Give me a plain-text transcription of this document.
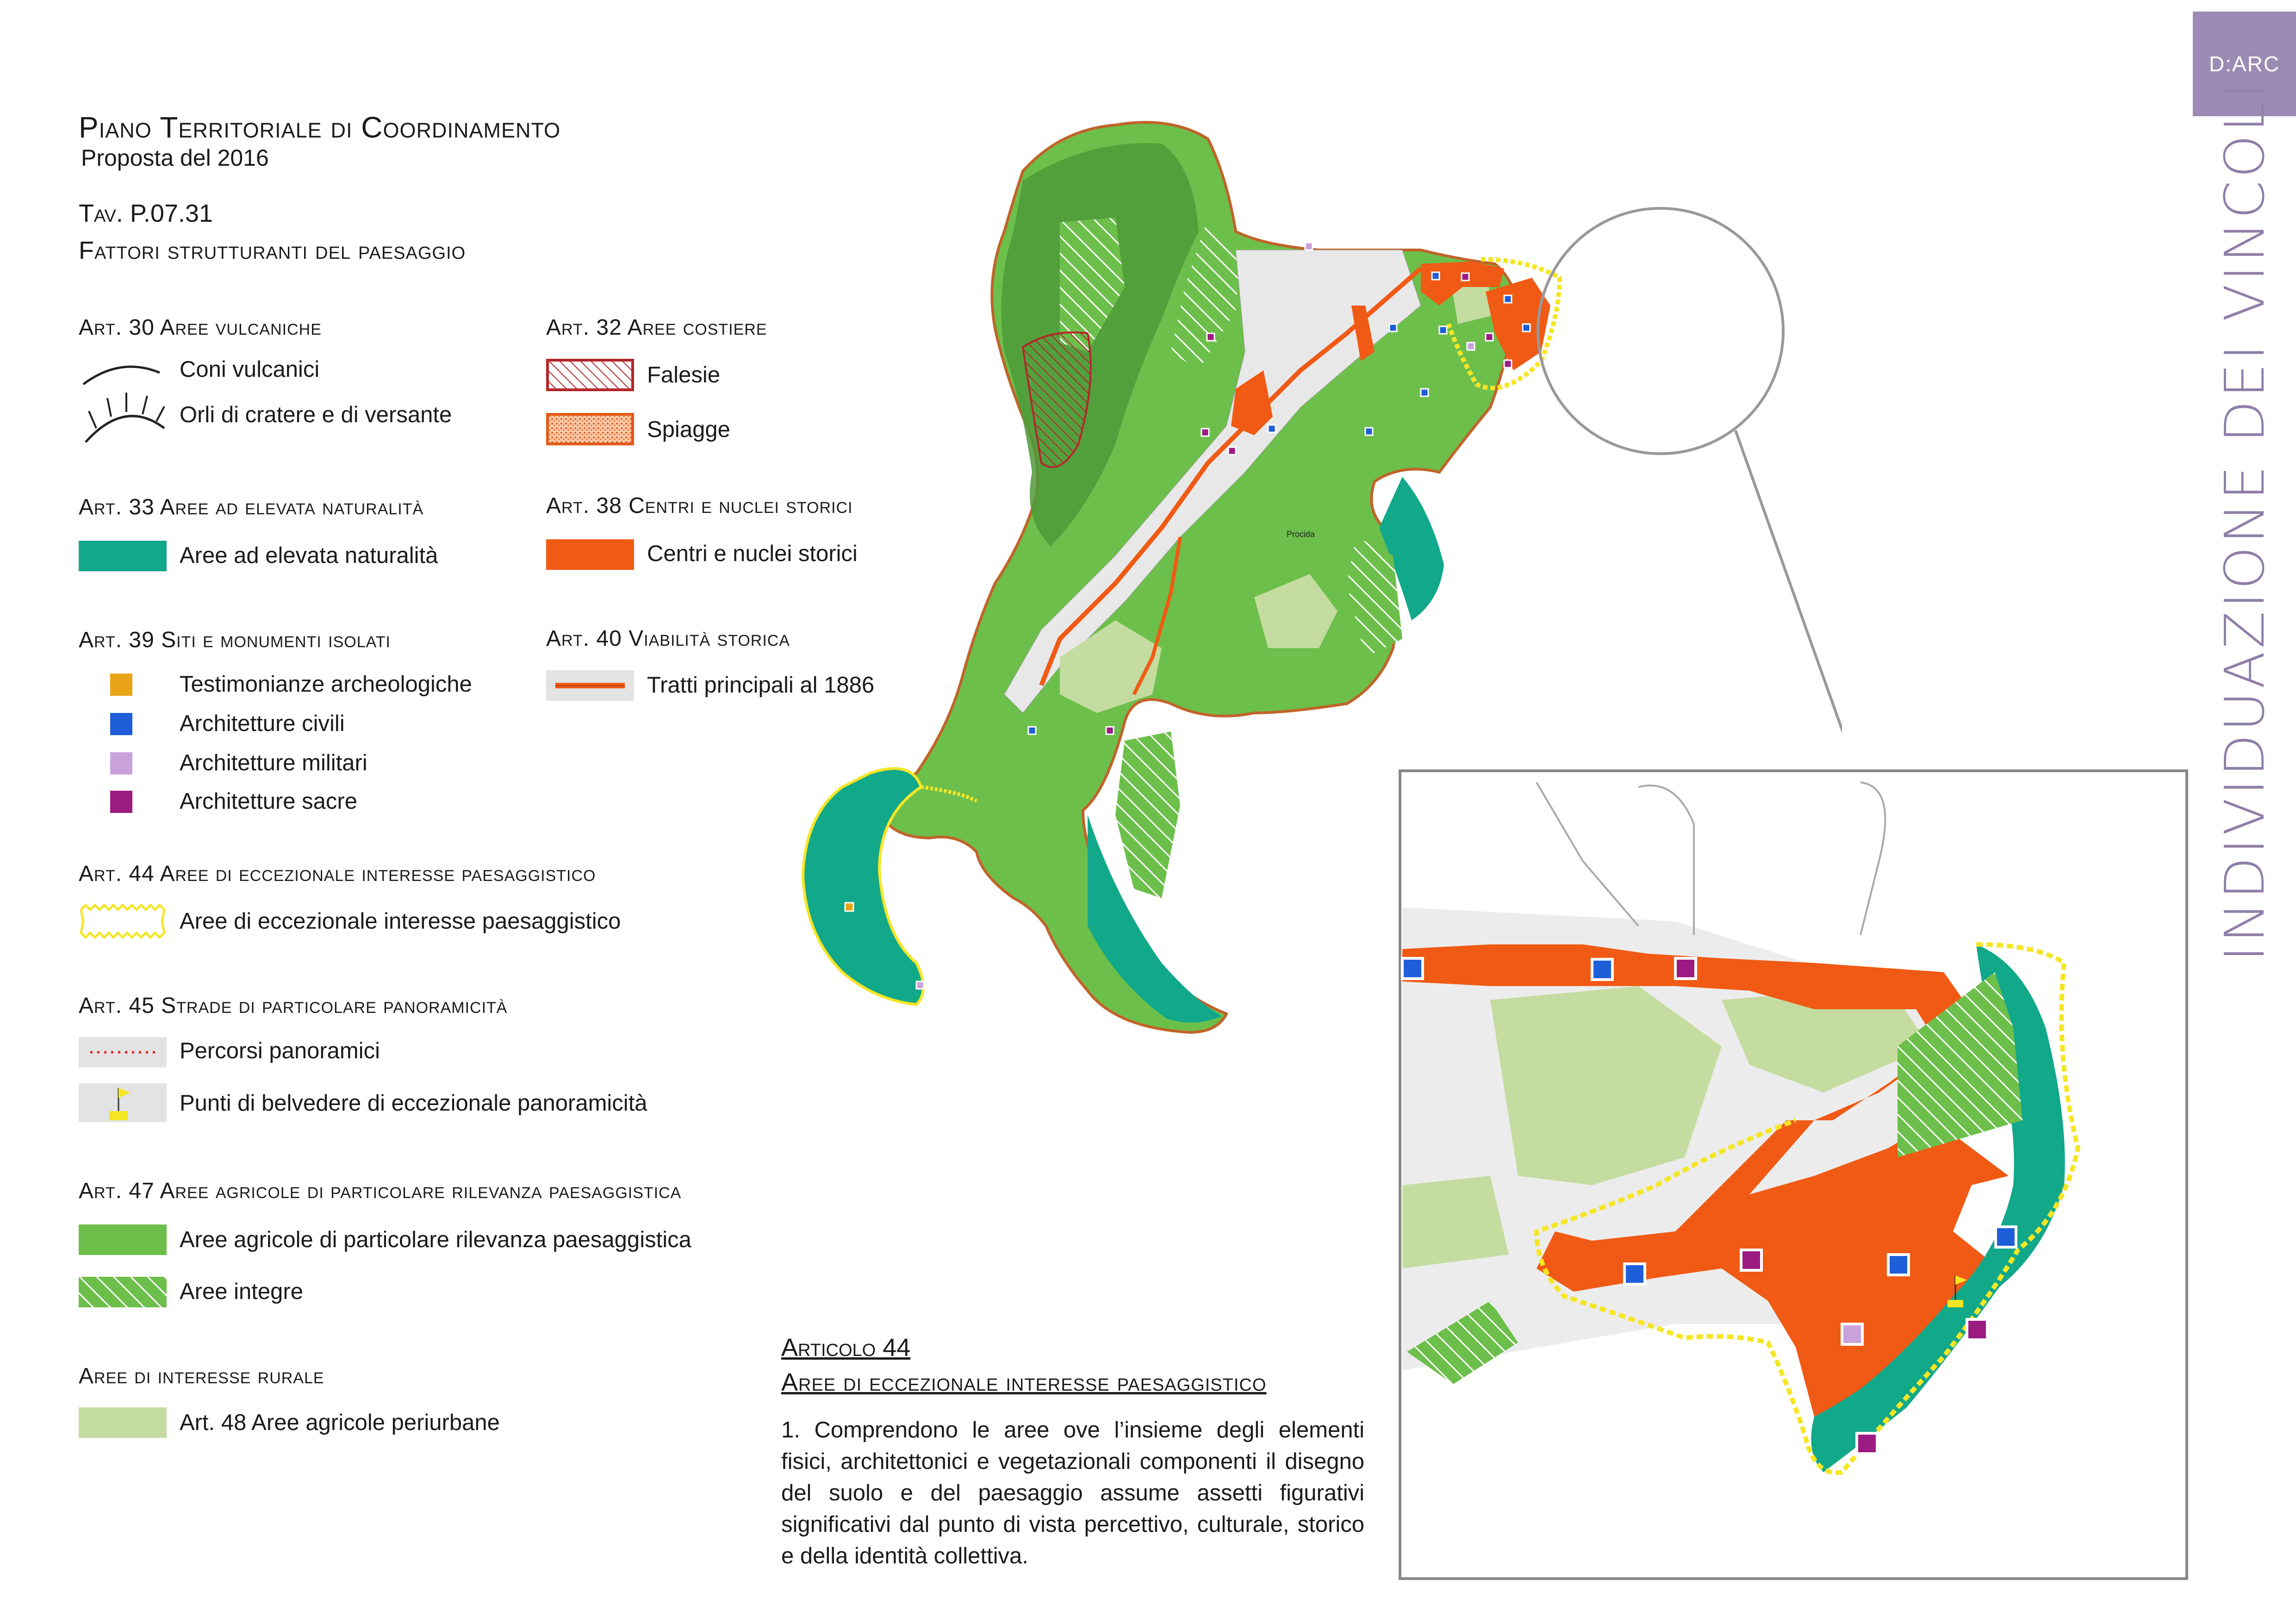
Piano Territoriale di Coordinamento
Proposta del 2016
Tav. P.07.31
Fattori strutturanti del paesaggio
D:ARC
INDIVIDUAZIONE DEI VINCOLI
Art. 30 Aree vulcaniche
Coni vulcanici
Orli di cratere e di versante
Art. 33 Aree ad elevata naturalità
Aree ad elevata naturalità
Art. 39 Siti e monumenti isolati
Testimonianze archeologiche
Architetture civili
Architetture militari
Architetture sacre
Art. 44 Aree di eccezionale interesse paesaggistico
Aree di eccezionale interesse paesaggistico
Art. 45 Strade di particolare panoramicità
Percorsi panoramici
Punti di belvedere di eccezionale panoramicità
Art. 47 Aree agricole di particolare rilevanza paesaggistica
Aree agricole di particolare rilevanza paesaggistica
Aree integre
Aree di interesse rurale
Art. 48 Aree agricole periurbane
Art. 32 Aree costiere
Falesie
Spiagge
Art. 38 Centri e nuclei storici
Centri e nuclei storici
Art. 40 Viabilità storica
Tratti principali al 1886
Procida
Articolo 44
Aree di eccezionale interesse paesaggistico
1. Comprendono le aree ove l’insieme degli elementi fisici, architettonici e vegetazionali componenti il disegno del suolo e del paesaggio assume assetti figurativi significativi dal punto di vista percettivo, culturale, storico e della identità collettiva.
